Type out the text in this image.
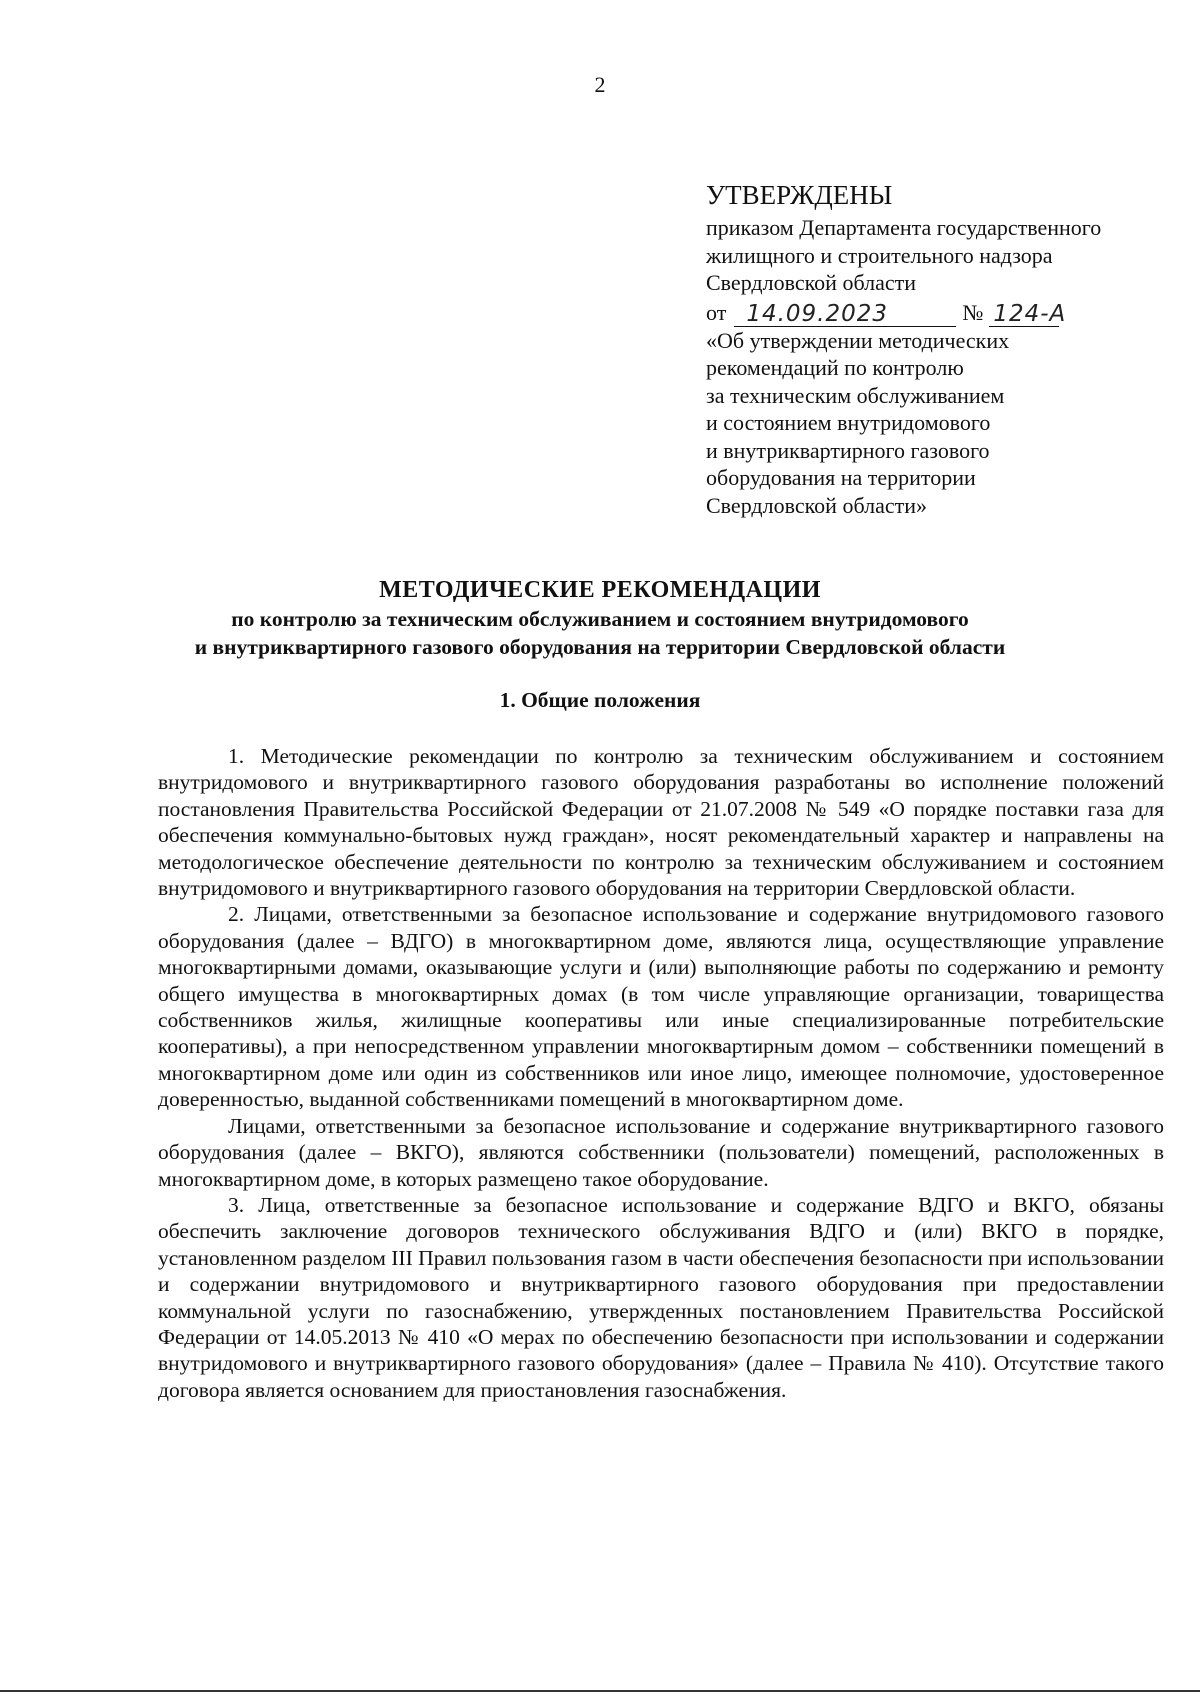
2
УТВЕРЖДЕНЫ
приказом Департамента государственного
жилищного и строительного надзора
Свердловской области
от 14.09.2023	№ 124-А
«Об утверждении методических
рекомендаций по контролю
за техническим обслуживанием
и состоянием внутридомового
и внутриквартирного газового
оборудования на территории
Свердловской области»
МЕТОДИЧЕСКИЕ РЕКОМЕНДАЦИИ
по контролю за техническим обслуживанием и состоянием внутридомового
и внутриквартирного газового оборудования на территории Свердловской области
1. Общие положения

1. Методические рекомендации по контролю за техническим обслуживанием и состоянием внутридомового и внутриквартирного газового оборудования разработаны во исполнение положений постановления Правительства Российской Федерации от 21.07.2008 № 549 «О порядке поставки газа для обеспечения коммунально-бытовых нужд граждан», носят рекомендательный характер и направлены на методологическое обеспечение деятельности по контролю за техническим обслуживанием и состоянием внутридомового и внутриквартирного газового оборудования на территории Свердловской области.

2. Лицами, ответственными за безопасное использование и содержание внутридомового газового оборудования (далее – ВДГО) в многоквартирном доме, являются лица, осуществляющие управление многоквартирными домами, оказывающие услуги и (или) выполняющие работы по содержанию и ремонту общего имущества в многоквартирных домах (в том числе управляющие организации, товарищества собственников жилья, жилищные кооперативы или иные специализированные потребительские кооперативы), а при непосредственном управлении многоквартирным домом – собственники помещений в многоквартирном доме или один из собственников или иное лицо, имеющее полномочие, удостоверенное доверенностью, выданной собственниками помещений в многоквартирном доме.

Лицами, ответственными за безопасное использование и содержание внутриквартирного газового оборудования (далее – ВКГО), являются собственники (пользователи) помещений, расположенных в многоквартирном доме, в которых размещено такое оборудование.

3. Лица, ответственные за безопасное использование и содержание ВДГО и ВКГО, обязаны обеспечить заключение договоров технического обслуживания ВДГО и (или) ВКГО в порядке, установленном разделом III Правил пользования газом в части обеспечения безопасности при использовании и содержании внутридомового и внутриквартирного газового оборудования при предоставлении коммунальной услуги по газоснабжению, утвержденных постановлением Правительства Российской Федерации от 14.05.2013 № 410 «О мерах по обеспечению безопасности при использовании и содержании внутридомового и внутриквартирного газового оборудования» (далее – Правила № 410). Отсутствие такого договора является основанием для приостановления газоснабжения.
